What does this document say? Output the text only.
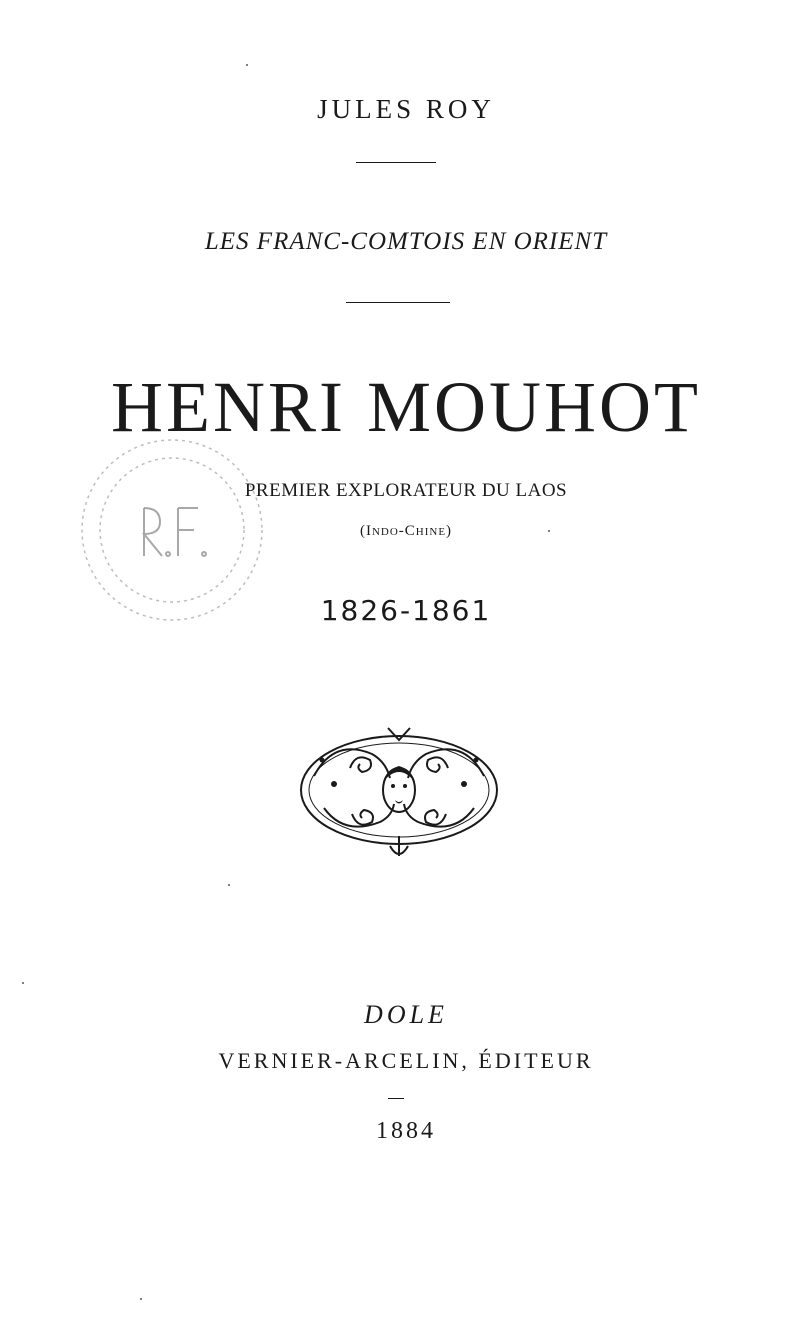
JULES ROY
LES FRANC-COMTOIS EN ORIENT
HENRI MOUHOT
PREMIER EXPLORATEUR DU LAOS
(Indo-Chine)
1826-1861
DOLE
VERNIER-ARCELIN, ÉDITEUR
1884
